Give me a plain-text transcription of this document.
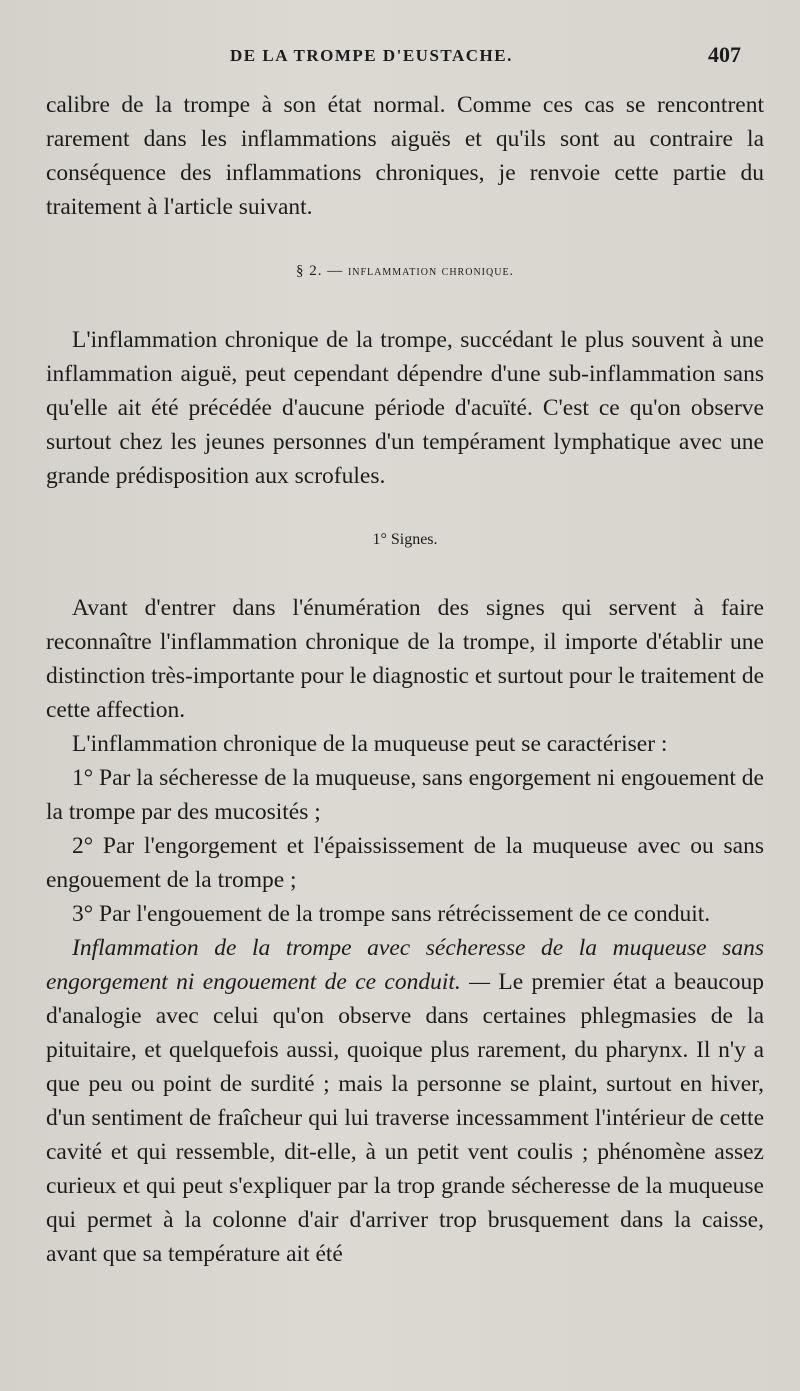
DE LA TROMPE D'EUSTACHE.	407

calibre de la trompe à son état normal. Comme ces cas se rencontrent rarement dans les inflammations aiguës et qu'ils sont au contraire la conséquence des inflammations chroniques, je renvoie cette partie du traitement à l'article suivant.

§ 2. — inflammation chronique.

L'inflammation chronique de la trompe, succédant le plus souvent à une inflammation aiguë, peut cependant dépendre d'une sub-inflammation sans qu'elle ait été précédée d'aucune période d'acuïté. C'est ce qu'on observe surtout chez les jeunes personnes d'un tempérament lymphatique avec une grande prédisposition aux scrofules.

1° Signes.

Avant d'entrer dans l'énumération des signes qui servent à faire reconnaître l'inflammation chronique de la trompe, il importe d'établir une distinction très-importante pour le diagnostic et surtout pour le traitement de cette affection.

L'inflammation chronique de la muqueuse peut se caractériser :

1° Par la sécheresse de la muqueuse, sans engorgement ni engouement de la trompe par des mucosités ;

2° Par l'engorgement et l'épaississement de la muqueuse avec ou sans engouement de la trompe ;

3° Par l'engouement de la trompe sans rétrécissement de ce conduit.

Inflammation de la trompe avec sécheresse de la muqueuse sans engorgement ni engouement de ce conduit. — Le premier état a beaucoup d'analogie avec celui qu'on observe dans certaines phlegmasies de la pituitaire, et quelquefois aussi, quoique plus rarement, du pharynx. Il n'y a que peu ou point de surdité ; mais la personne se plaint, surtout en hiver, d'un sentiment de fraîcheur qui lui traverse incessamment l'intérieur de cette cavité et qui ressemble, dit-elle, à un petit vent coulis ; phénomène assez curieux et qui peut s'expliquer par la trop grande sécheresse de la muqueuse qui permet à la colonne d'air d'arriver trop brusquement dans la caisse, avant que sa température ait été
